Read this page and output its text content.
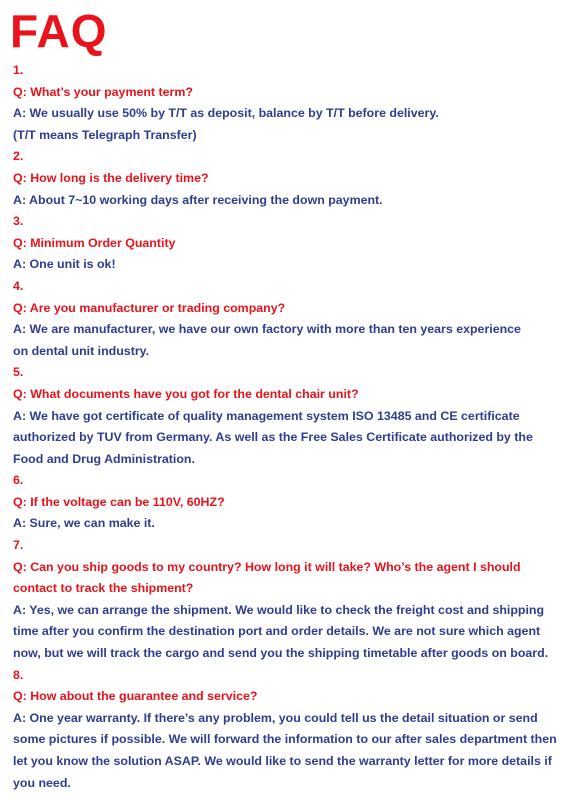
FAQ
1.
Q: What’s your payment term?
A: We usually use 50% by T/T as deposit, balance by T/T before delivery.
(T/T means Telegraph Transfer)
2.
Q: How long is the delivery time?
A: About 7~10 working days after receiving the down payment.
3.
Q: Minimum Order Quantity
A: One unit is ok!
4.
Q: Are you manufacturer or trading company?
A: We are manufacturer, we have our own factory with more than ten years experience
on dental unit industry.
5.
Q: What documents have you got for the dental chair unit?
A: We have got certificate of quality management system ISO 13485 and CE certificate
authorized by TUV from Germany. As well as the Free Sales Certificate authorized by the
Food and Drug Administration.
6.
Q: If the voltage can be 110V, 60HZ?
A: Sure, we can make it.
7.
Q: Can you ship goods to my country? How long it will take? Who’s the agent I should
contact to track the shipment?
A: Yes, we can arrange the shipment. We would like to check the freight cost and shipping
time after you confirm the destination port and order details. We are not sure which agent
now, but we will track the cargo and send you the shipping timetable after goods on board.
8.
Q: How about the guarantee and service?
A: One year warranty. If there’s any problem, you could tell us the detail situation or send
some pictures if possible. We will forward the information to our after sales department then
let you know the solution ASAP. We would like to send the warranty letter for more details if
you need.
